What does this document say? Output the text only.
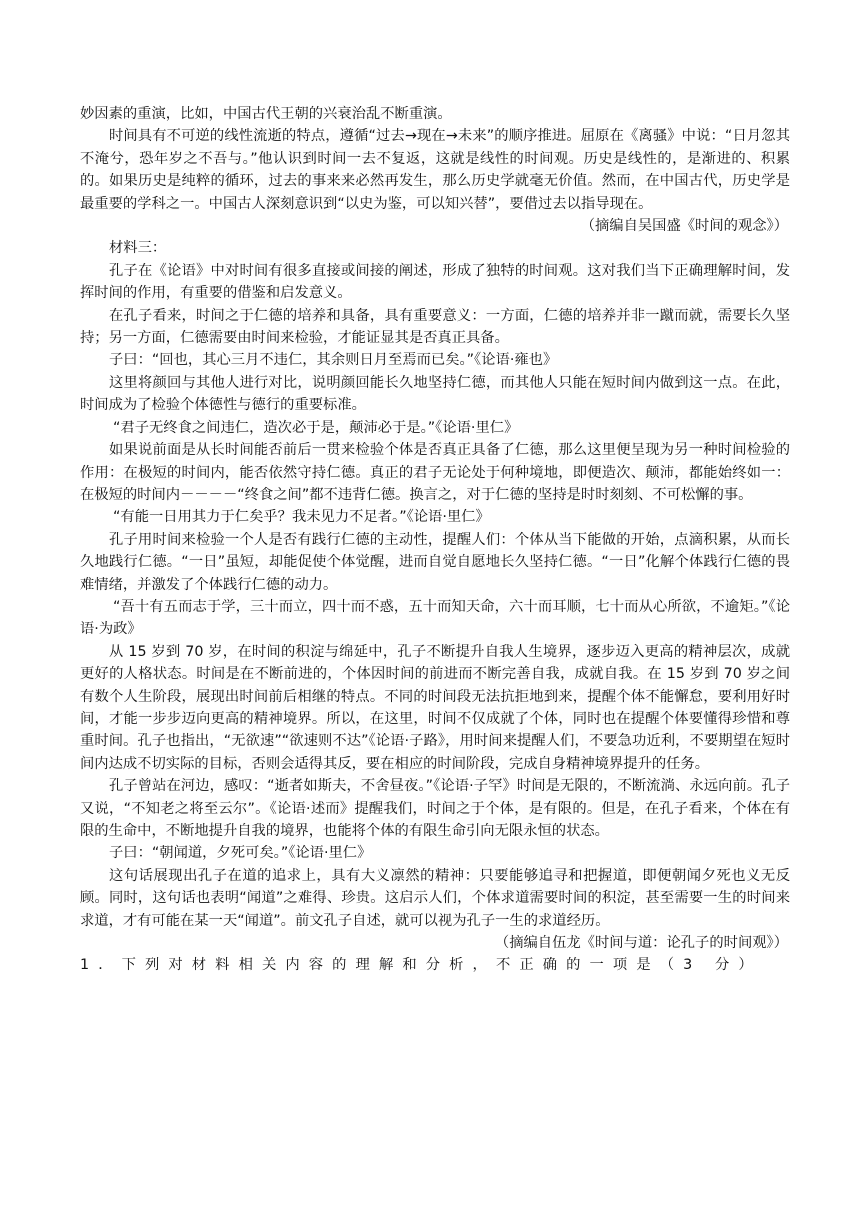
妙因素的重演，比如，中国古代王朝的兴衰治乱不断重演。

时间具有不可逆的线性流逝的特点，遵循“过去→现在→未来”的顺序推进。屈原在《离骚》中说：“日月忽其不淹兮，恐年岁之不吾与。”他认识到时间一去不复返，这就是线性的时间观。历史是线性的，是渐进的、积累的。如果历史是纯粹的循环，过去的事来来必然再发生，那么历史学就毫无价值。然而，在中国古代，历史学是最重要的学科之一。中国古人深刻意识到“以史为鉴，可以知兴替”，要借过去以指导现在。

（摘编自吴国盛《时间的观念》）

材料三：

孔子在《论语》中对时间有很多直接或间接的阐述，形成了独特的时间观。这对我们当下正确理解时间，发挥时间的作用，有重要的借鉴和启发意义。

在孔子看来，时间之于仁德的培养和具备，具有重要意义：一方面，仁德的培养并非一蹴而就，需要长久坚持；另一方面，仁德需要由时间来检验，才能证显其是否真正具备。

子曰：“回也，其心三月不违仁，其余则日月至焉而已矣。”《论语·雍也》

这里将颜回与其他人进行对比，说明颜回能长久地坚持仁德，而其他人只能在短时间内做到这一点。在此，时间成为了检验个体德性与德行的重要标准。

“君子无终食之间违仁，造次必于是，颠沛必于是。”《论语·里仁》

如果说前面是从长时间能否前后一贯来检验个体是否真正具备了仁德，那么这里便呈现为另一种时间检验的作用：在极短的时间内，能否依然守持仁德。真正的君子无论处于何种境地，即便造次、颠沛，都能始终如一：在极短的时间内－－－－“终食之间”都不违背仁德。换言之，对于仁德的坚持是时时刻刻、不可松懈的事。

“有能一日用其力于仁矣乎？我未见力不足者。”《论语·里仁》

孔子用时间来检验一个人是否有践行仁德的主动性，提醒人们：个体从当下能做的开始，点滴积累，从而长久地践行仁德。“一日”虽短，却能促使个体觉醒，进而自觉自愿地长久坚持仁德。“一日”化解个体践行仁德的畏难情绪，并激发了个体践行仁德的动力。

“吾十有五而志于学，三十而立，四十而不惑，五十而知天命，六十而耳顺，七十而从心所欲，不逾矩。”《论语·为政》

从 15 岁到 70 岁，在时间的积淀与绵延中，孔子不断提升自我人生境界，逐步迈入更高的精神层次，成就更好的人格状态。时间是在不断前进的，个体因时间的前进而不断完善自我，成就自我。在 15 岁到 70 岁之间有数个人生阶段，展现出时间前后相继的特点。不同的时间段无法抗拒地到来，提醒个体不能懈怠，要利用好时间，才能一步步迈向更高的精神境界。所以，在这里，时间不仅成就了个体，同时也在提醒个体要懂得珍惜和尊重时间。孔子也指出，“无欲速”“欲速则不达”《论语·子路》，用时间来提醒人们，不要急功近利，不要期望在短时间内达成不切实际的目标，否则会适得其反，要在相应的时间阶段，完成自身精神境界提升的任务。

孔子曾站在河边，感叹：“逝者如斯夫，不舍昼夜。”《论语·子罕》时间是无限的，不断流淌、永远向前。孔子又说，“不知老之将至云尔”。《论语·述而》提醒我们，时间之于个体，是有限的。但是，在孔子看来，个体在有限的生命中，不断地提升自我的境界，也能将个体的有限生命引向无限永恒的状态。

子曰：“朝闻道，夕死可矣。”《论语·里仁》

这句话展现出孔子在道的追求上，具有大义凛然的精神：只要能够追寻和把握道，即便朝闻夕死也义无反顾。同时，这句话也表明“闻道”之难得、珍贵。这启示人们，个体求道需要时间的积淀，甚至需要一生的时间来求道，才有可能在某一天“闻道”。前文孔子自述，就可以视为孔子一生的求道经历。

（摘编自伍龙《时间与道：论孔子的时间观》）

1．下列对材料相关内容的理解和分析，不正确的一项是（3 分）
